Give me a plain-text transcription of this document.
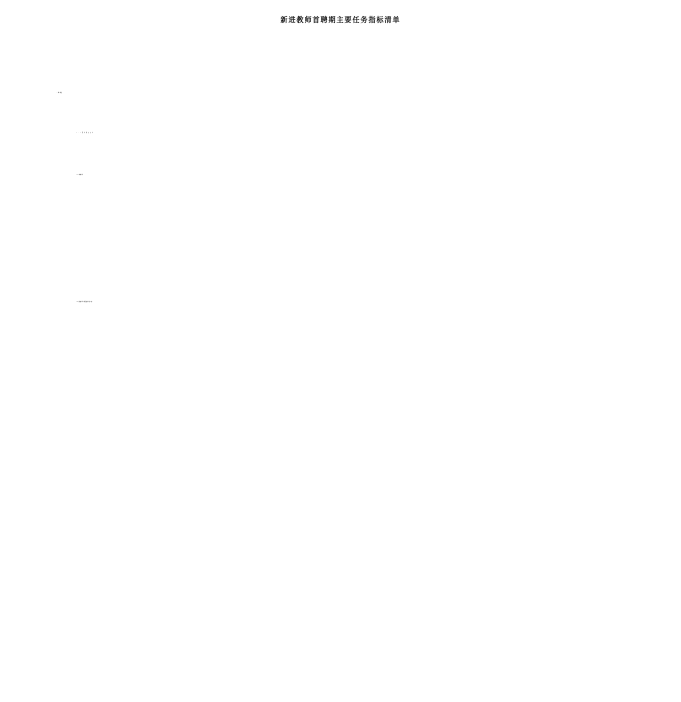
新进教师首聘期主要任务指标清单
一、理工科类
（一）青年拔尖人才
（1）基本任务
（2）选项任务（完成其中任意一项）
